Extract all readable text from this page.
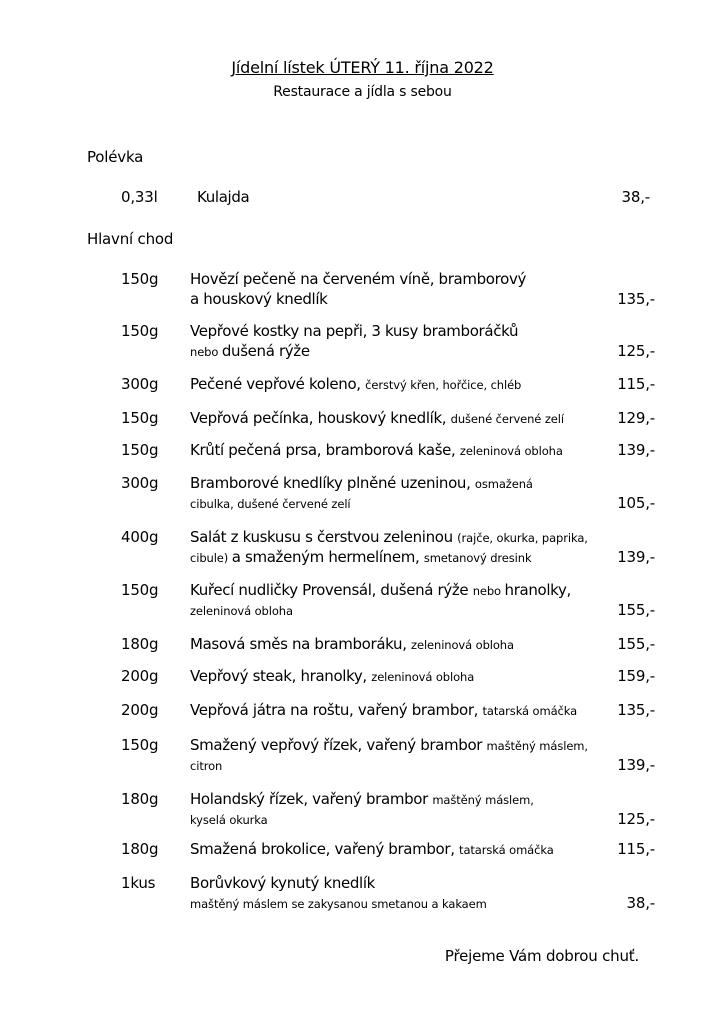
Jídelní lístek ÚTERÝ 11. října 2022
Restaurace a jídla s sebou
Polévka
0,33l	Kulajda	38,-
Hlavní chod
150g Hovězí pečeně na červeném víně, bramborový
a houskový knedlík	135,-
150g Vepřové kostky na pepři, 3 kusy bramboráčků
nebo dušená rýže	125,-
300g Pečené vepřové koleno, čerstvý křen, hořčice, chléb	115,-
150g Vepřová pečínka, houskový knedlík, dušené červené zelí	129,-
150g Krůtí pečená prsa, bramborová kaše, zeleninová obloha	139,-
300g Bramborové knedlíky plněné uzeninou, osmažená
cibulka, dušené červené zelí	105,-
400g Salát z kuskusu s čerstvou zeleninou (rajče, okurka, paprika,
cibule) a smaženým hermelínem, smetanový dresink	139,-
150g Kuřecí nudličky Provensál, dušená rýže nebo hranolky,
zeleninová obloha	155,-
180g Masová směs na bramboráku, zeleninová obloha	155,-
200g Vepřový steak, hranolky, zeleninová obloha	159,-
200g Vepřová játra na roštu, vařený brambor, tatarská omáčka	135,-
150g Smažený vepřový řízek, vařený brambor maštěný máslem,
citron	139,-
180g Holandský řízek, vařený brambor maštěný máslem,
kyselá okurka	125,-
180g Smažená brokolice, vařený brambor, tatarská omáčka	115,-
1kus Borůvkový kynutý knedlík
maštěný máslem se zakysanou smetanou a kakaem	38,-
Přejeme Vám dobrou chuť.
